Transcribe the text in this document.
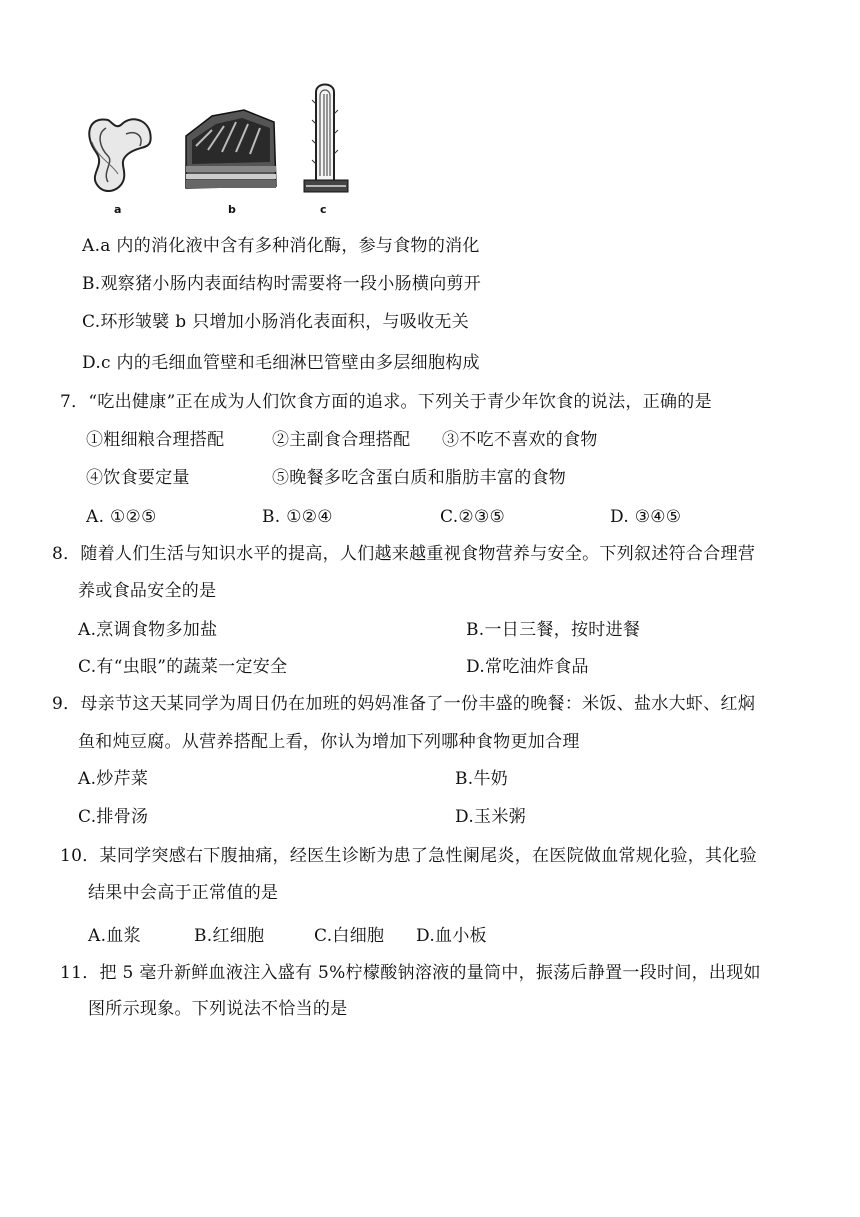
a	b	c
A.a 内的消化液中含有多种消化酶，参与食物的消化
B.观察猪小肠内表面结构时需要将一段小肠横向剪开
C.环形皱襞 b 只增加小肠消化表面积，与吸收无关
D.c 内的毛细血管壁和毛细淋巴管壁由多层细胞构成
7．“吃出健康”正在成为人们饮食方面的追求。下列关于青少年饮食的说法，正确的是
①粗细粮合理搭配	②主副食合理搭配 ③不吃不喜欢的食物
④饮食要定量	⑤晚餐多吃含蛋白质和脂肪丰富的食物
A. ①②⑤	B. ①②④	C.②③⑤	D. ③④⑤
8．随着人们生活与知识水平的提高，人们越来越重视食物营养与安全。下列叙述符合合理营
养或食品安全的是
A.烹调食物多加盐	B.一日三餐，按时进餐
C.有“虫眼”的蔬菜一定安全	D.常吃油炸食品
9．母亲节这天某同学为周日仍在加班的妈妈准备了一份丰盛的晚餐：米饭、盐水大虾、红焖
鱼和炖豆腐。从营养搭配上看，你认为增加下列哪种食物更加合理
A.炒芹菜	B.牛奶
C.排骨汤	D.玉米粥
10．某同学突感右下腹抽痛，经医生诊断为患了急性阑尾炎，在医院做血常规化验，其化验
结果中会高于正常值的是
A.血浆	B.红细胞	C.白细胞 D.血小板
11．把 5 毫升新鲜血液注入盛有 5%柠檬酸钠溶液的量筒中，振荡后静置一段时间，出现如
图所示现象。下列说法不恰当的是
